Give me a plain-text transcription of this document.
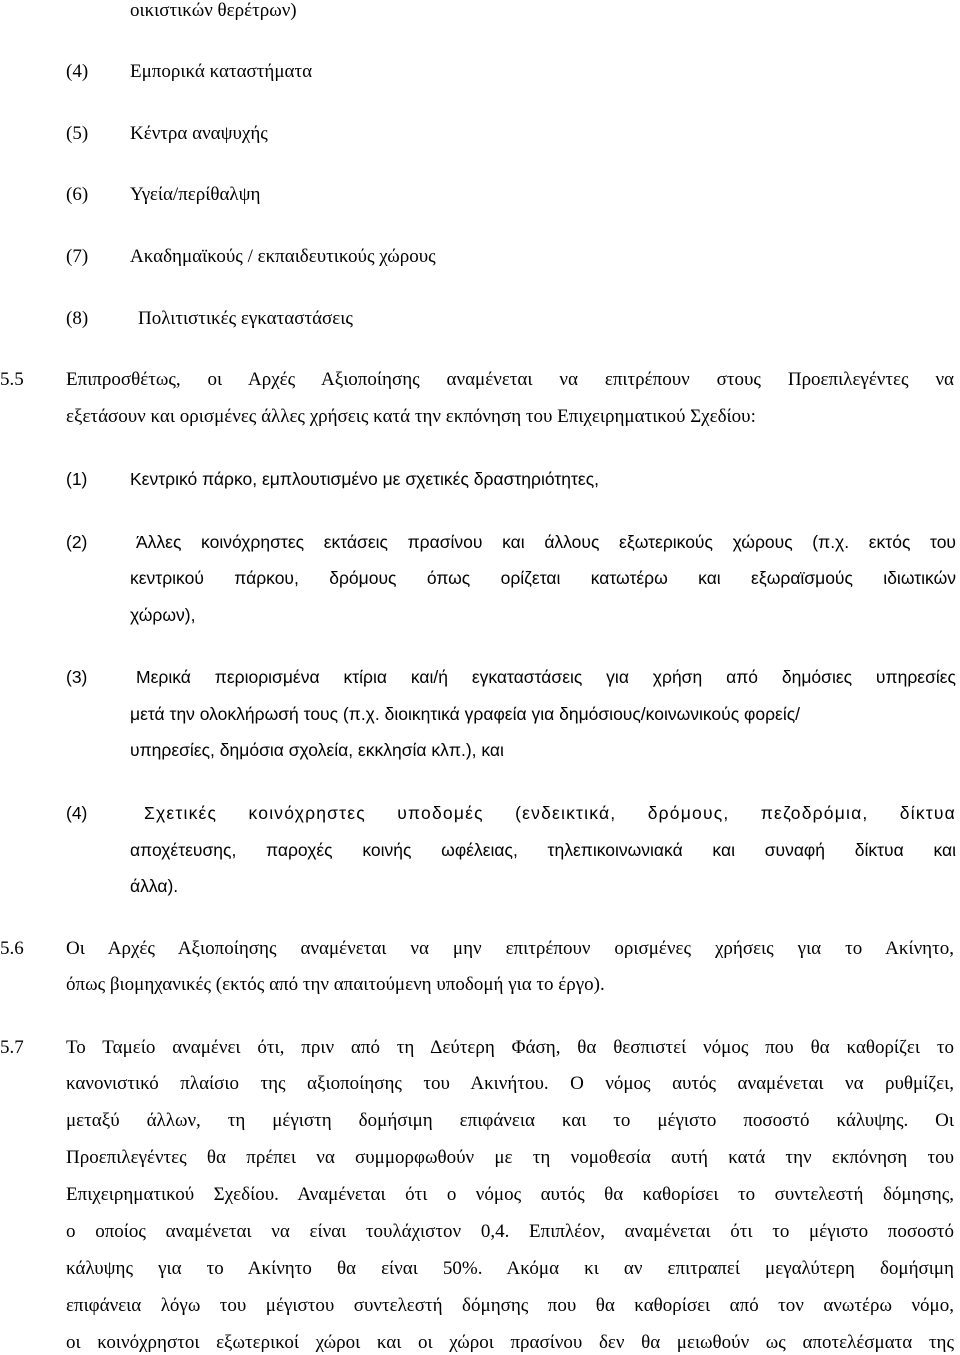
οικιστικών θερέτρων)
(4) Εμπορικά καταστήματα
(5) Κέντρα αναψυχής
(6) Υγεία/περίθαλψη
(7) Ακαδημαϊκούς / εκπαιδευτικούς χώρους
(8)	Πολιτιστικές εγκαταστάσεις
5.5 Επιπροσθέτως, οι Αρχές Αξιοποίησης αναμένεται να επιτρέπουν στους Προεπιλεγέντες να
εξετάσουν και ορισμένες άλλες χρήσεις κατά την εκπόνηση του Επιχειρηματικού Σχεδίου:
(1) Κεντρικό πάρκο, εμπλουτισμένο με σχετικές δραστηριότητες,
(2)	Άλλες κοινόχρηστες εκτάσεις πρασίνου και άλλους εξωτερικούς χώρους (π.χ. εκτός του
κεντρικού πάρκου, δρόμους όπως ορίζεται κατωτέρω και εξωραϊσμούς ιδιωτικών
χώρων),
(3)	Μερικά περιορισμένα κτίρια και/ή εγκαταστάσεις για χρήση από δημόσιες υπηρεσίες
μετά την ολοκλήρωσή τους (π.χ. διοικητικά γραφεία για δημόσιους/κοινωνικούς φορείς/
υπηρεσίες, δημόσια σχολεία, εκκλησία κλπ.), και
(4)	Σχετικές κοινόχρηστες υποδομές (ενδεικτικά, δρόμους, πεζοδρόμια, δίκτυα
αποχέτευσης, παροχές κοινής ωφέλειας, τηλεπικοινωνιακά και συναφή δίκτυα και
άλλα).
5.6 Οι Αρχές Αξιοποίησης αναμένεται να μην επιτρέπουν ορισμένες χρήσεις για το Ακίνητο,
όπως βιομηχανικές (εκτός από την απαιτούμενη υποδομή για το έργο).
5.7 Το Ταμείο αναμένει ότι, πριν από τη Δεύτερη Φάση, θα θεσπιστεί νόμος που θα καθορίζει το
κανονιστικό πλαίσιο της αξιοποίησης του Ακινήτου. Ο νόμος αυτός αναμένεται να ρυθμίζει,
μεταξύ άλλων, τη μέγιστη δομήσιμη επιφάνεια και το μέγιστο ποσοστό κάλυψης. Οι
Προεπιλεγέντες θα πρέπει να συμμορφωθούν με τη νομοθεσία αυτή κατά την εκπόνηση του
Επιχειρηματικού Σχεδίου. Αναμένεται ότι ο νόμος αυτός θα καθορίσει το συντελεστή δόμησης,
ο οποίος αναμένεται να είναι τουλάχιστον 0,4. Επιπλέον, αναμένεται ότι το μέγιστο ποσοστό
κάλυψης για το Ακίνητο θα είναι 50%. Ακόμα κι αν επιτραπεί μεγαλύτερη δομήσιμη
επιφάνεια λόγω του μέγιστου συντελεστή δόμησης που θα καθορίσει από τον ανωτέρω νόμο,
οι κοινόχρηστοι εξωτερικοί χώροι και οι χώροι πρασίνου δεν θα μειωθούν ως αποτελέσματα της
